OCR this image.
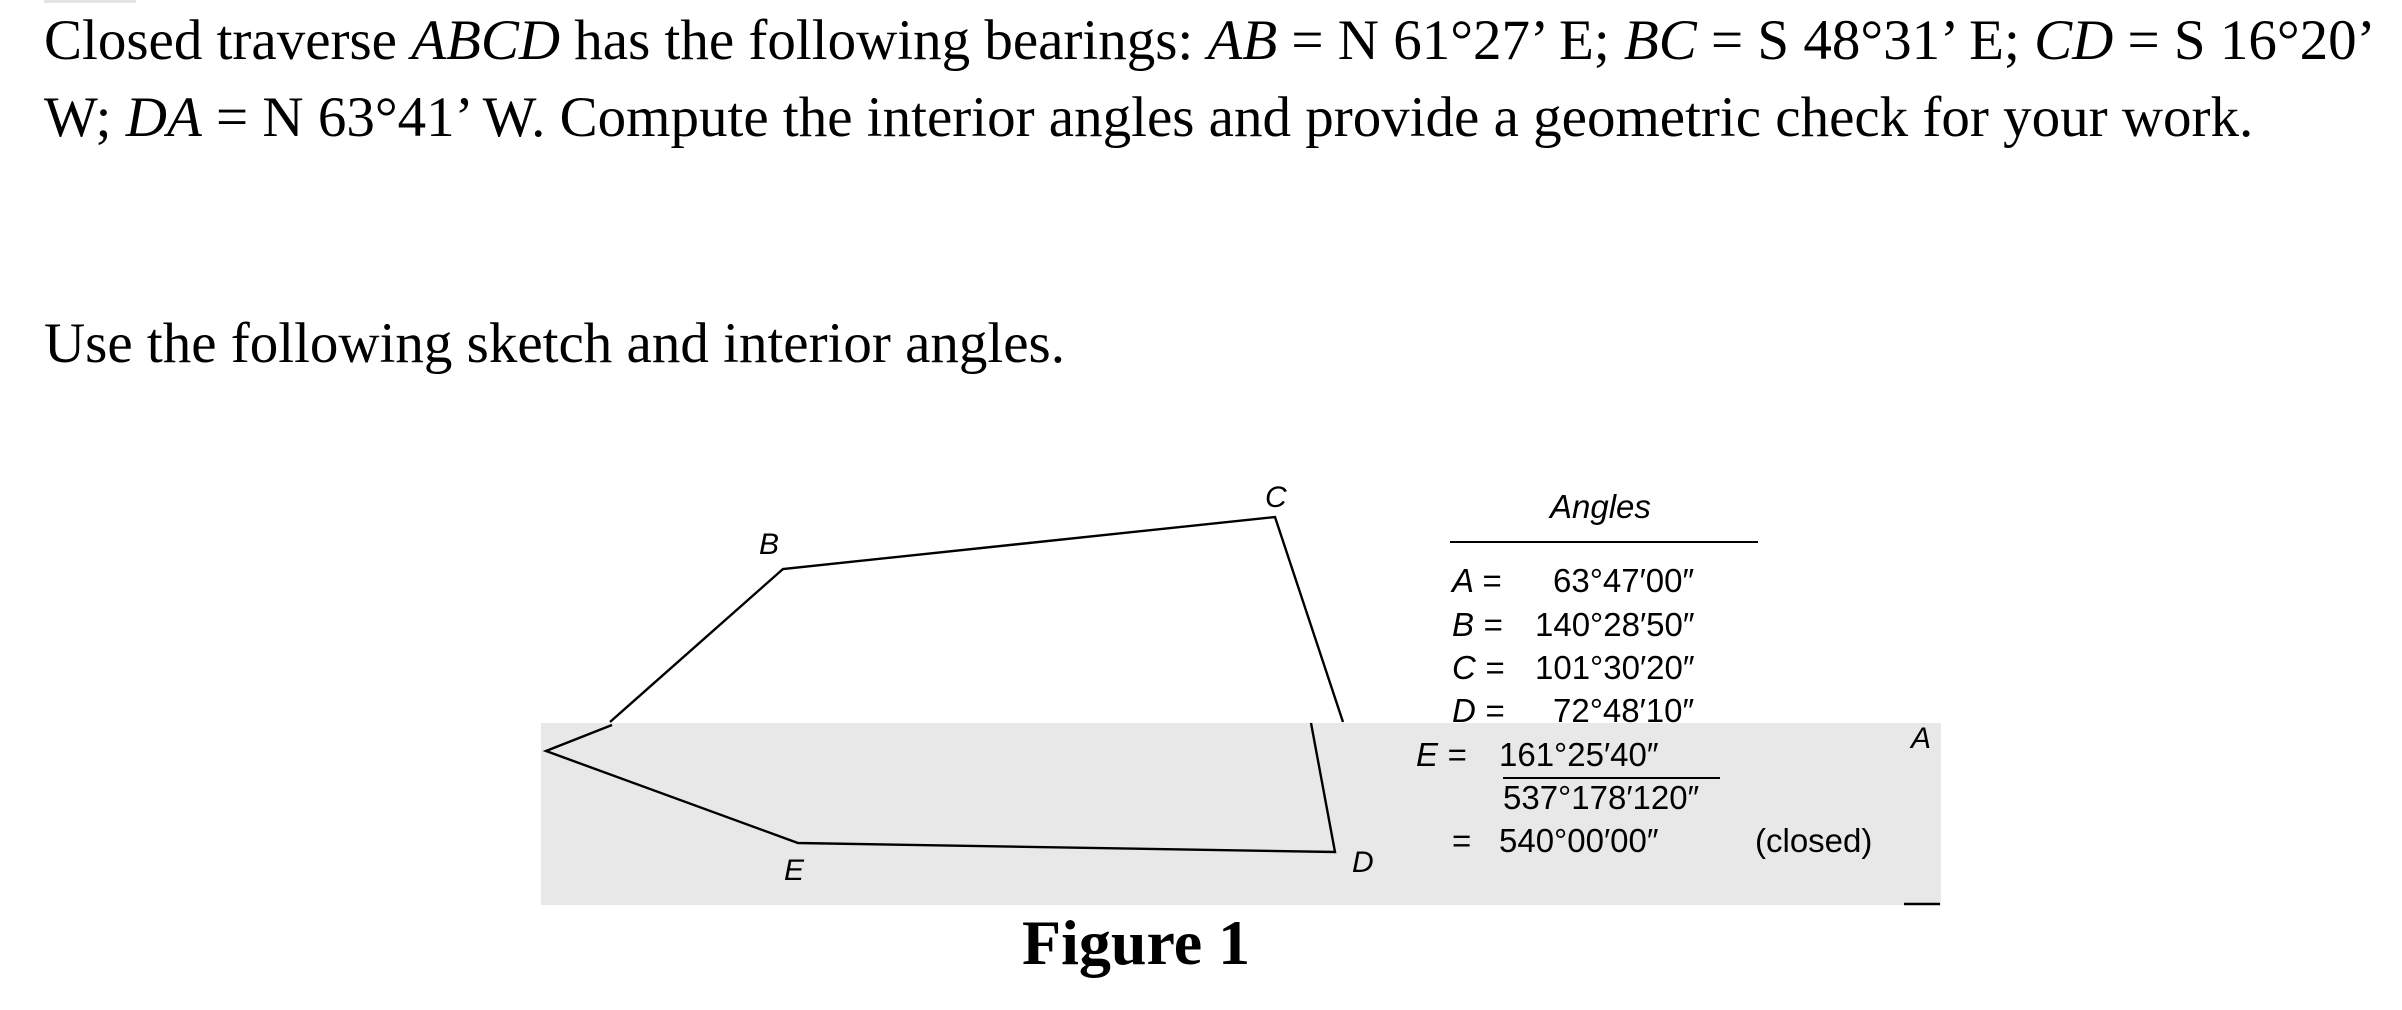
Closed traverse ABCD has the following bearings: AB = N 61°27’ E; BC = S 48°31’ E; CD = S 16°20’ W; DA = N 63°41’ W. Compute the interior angles and provide a geometric check for your work.

Use the following sketch and interior angles.

B
C
D
E
A
Angles
A = 63°47′00″
B = 140°28′50″
C = 101°30′20″
D = 72°48′10″
E = 161°25′40″
537°178′120″
= 540°00′00″	(closed)
Figure 1
